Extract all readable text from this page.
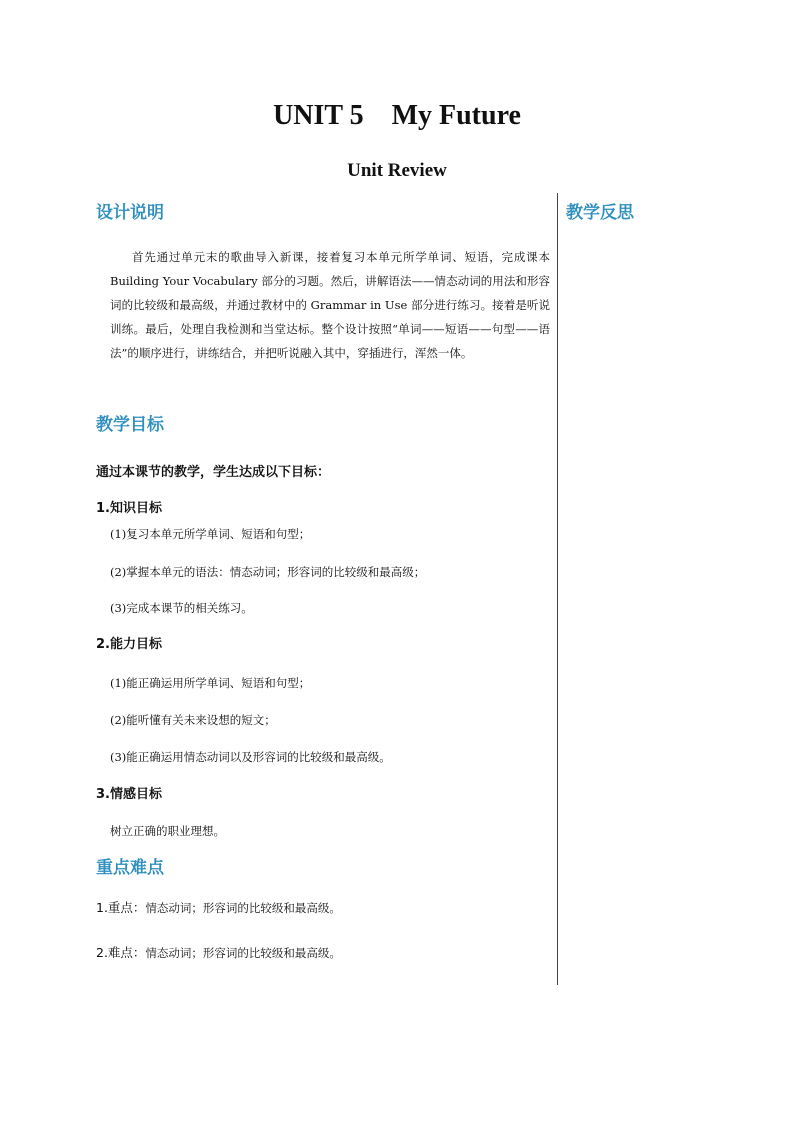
UNIT 5    My Future
Unit Review
教学反思
设计说明
首先通过单元末的歌曲导入新课，接着复习本单元所学单词、短语，完成课本 Building Your Vocabulary 部分的习题。然后，讲解语法——情态动词的用法和形容词的比较级和最高级，并通过教材中的 Grammar in Use 部分进行练习。接着是听说训练。最后，处理自我检测和当堂达标。整个设计按照“单词——短语——句型——语法”的顺序进行，讲练结合，并把听说融入其中，穿插进行，浑然一体。
教学目标
通过本课节的教学，学生达成以下目标：
1.知识目标
(1)复习本单元所学单词、短语和句型；
(2)掌握本单元的语法：情态动词；形容词的比较级和最高级；
(3)完成本课节的相关练习。
2.能力目标
(1)能正确运用所学单词、短语和句型；
(2)能听懂有关未来设想的短文；
(3)能正确运用情态动词以及形容词的比较级和最高级。
3.情感目标
树立正确的职业理想。
重点难点
1.重点：情态动词；形容词的比较级和最高级。
2.难点：情态动词；形容词的比较级和最高级。
